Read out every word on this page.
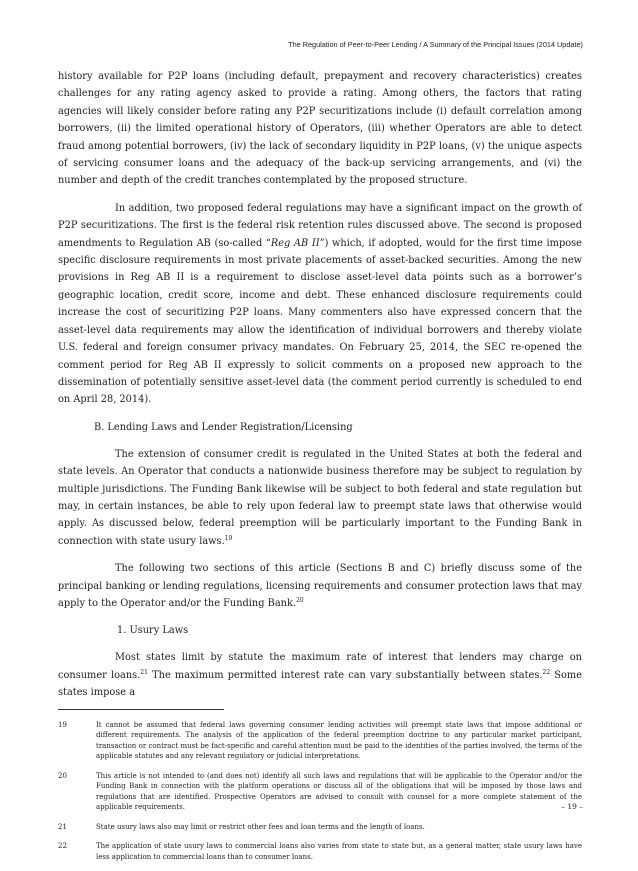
The Regulation of Peer-to-Peer Lending / A Summary of the Principal Issues (2014 Update)

history available for P2P loans (including default, prepayment and recovery characteristics) creates challenges for any rating agency asked to provide a rating. Among others, the factors that rating agencies will likely consider before rating any P2P securitizations include (i) default correlation among borrowers, (ii) the limited operational history of Operators, (iii) whether Operators are able to detect fraud among potential borrowers, (iv) the lack of secondary liquidity in P2P loans, (v) the unique aspects of servicing consumer loans and the adequacy of the back-up servicing arrangements, and (vi) the number and depth of the credit tranches contemplated by the proposed structure.

In addition, two proposed federal regulations may have a significant impact on the growth of P2P securitizations. The first is the federal risk retention rules discussed above. The second is proposed amendments to Regulation AB (so-called “Reg AB II”) which, if adopted, would for the first time impose specific disclosure requirements in most private placements of asset-backed securities. Among the new provisions in Reg AB II is a requirement to disclose asset-level data points such as a borrower’s geographic location, credit score, income and debt. These enhanced disclosure requirements could increase the cost of securitizing P2P loans. Many commenters also have expressed concern that the asset-level data requirements may allow the identification of individual borrowers and thereby violate U.S. federal and foreign consumer privacy mandates. On February 25, 2014, the SEC re-opened the comment period for Reg AB II expressly to solicit comments on a proposed new approach to the dissemination of potentially sensitive asset-level data (the comment period currently is scheduled to end on April 28, 2014).

B. Lending Laws and Lender Registration/Licensing

The extension of consumer credit is regulated in the United States at both the federal and state levels. An Operator that conducts a nationwide business therefore may be subject to regulation by multiple jurisdictions. The Funding Bank likewise will be subject to both federal and state regulation but may, in certain instances, be able to rely upon federal law to preempt state laws that otherwise would apply. As discussed below, federal preemption will be particularly important to the Funding Bank in connection with state usury laws.$^{19}$

The following two sections of this article (Sections B and C) briefly discuss some of the principal banking or lending regulations, licensing requirements and consumer protection laws that may apply to the Operator and/or the Funding Bank.$^{20}$

1. Usury Laws

Most states limit by statute the maximum rate of interest that lenders may charge on consumer loans.$^{21}$ The maximum permitted interest rate can vary substantially between states.$^{22}$ Some states impose a

19	It cannot be assumed that federal laws governing consumer lending activities will preempt state laws that impose additional or different requirements. The analysis of the application of the federal preemption doctrine to any particular market participant, transaction or contract must be fact-specific and careful attention must be paid to the identities of the parties involved, the terms of the applicable statutes and any relevant regulatory or judicial interpretations.
20	This article is not intended to (and does not) identify all such laws and regulations that will be applicable to the Operator and/or the Funding Bank in connection with the platform operations or discuss all of the obligations that will be imposed by those laws and regulations that are identified. Prospective Operators are advised to consult with counsel for a more complete statement of the applicable requirements.
21	State usury laws also may limit or restrict other fees and loan terms and the length of loans.
22	The application of state usury laws to commercial loans also varies from state to state but, as a general matter, state usury laws have less application to commercial loans than to consumer loans.
– 19 –
